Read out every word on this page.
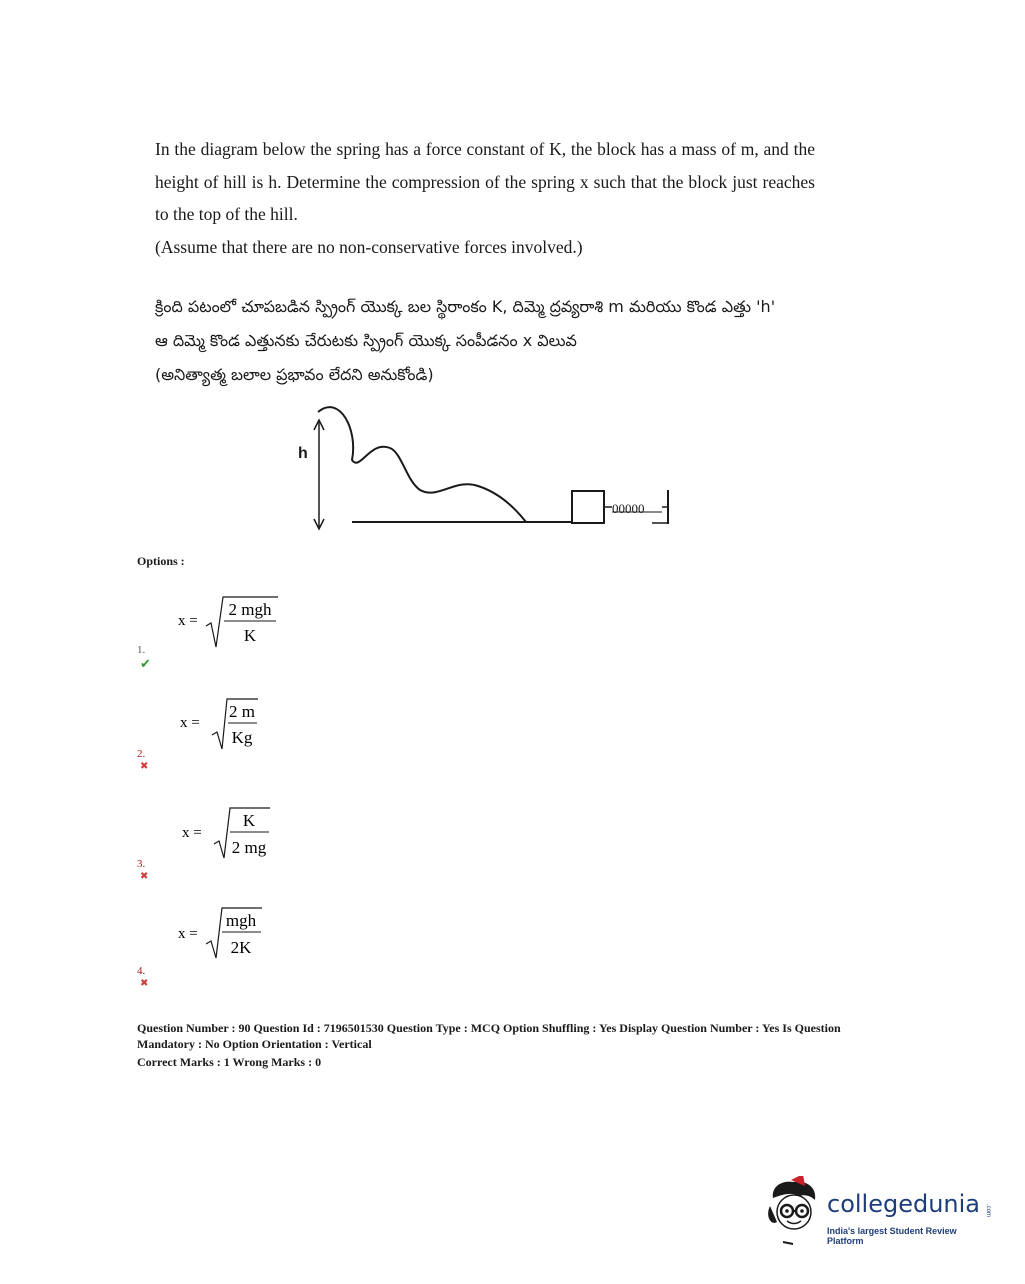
In the diagram below the spring has a force constant of K, the block has a mass of m, and the height of hill is h. Determine the compression of the spring x such that the block just reaches to the top of the hill.

(Assume that there are no non-conservative forces involved.)

క్రింది పటంలో చూపబడిన స్ప్రింగ్ యొక్క బల స్థిరాంకం K, దిమ్మె ద్రవ్యరాశి m మరియు కొండ ఎత్తు 'h'

ఆ దిమ్మె కొండ ఎత్తునకు చేరుటకు స్ప్రింగ్ యొక్క సంపీడనం x విలువ

(అనిత్యాత్మ బలాల ప్రభావం లేదని అనుకోండి)

h
00000
Options :
x =
2 mgh
K
1.✔
x =
2 m
Kg
2.✖
x =
K
2 mg
3.✖
x =
mgh
2K
4.✖

Question Number : 90 Question Id : 7196501530 Question Type : MCQ Option Shuffling : Yes Display Question Number : Yes Is Question

Mandatory : No Option Orientation : Vertical

Correct Marks : 1 Wrong Marks : 0

collegedunia .com
India's largest Student Review Platform
